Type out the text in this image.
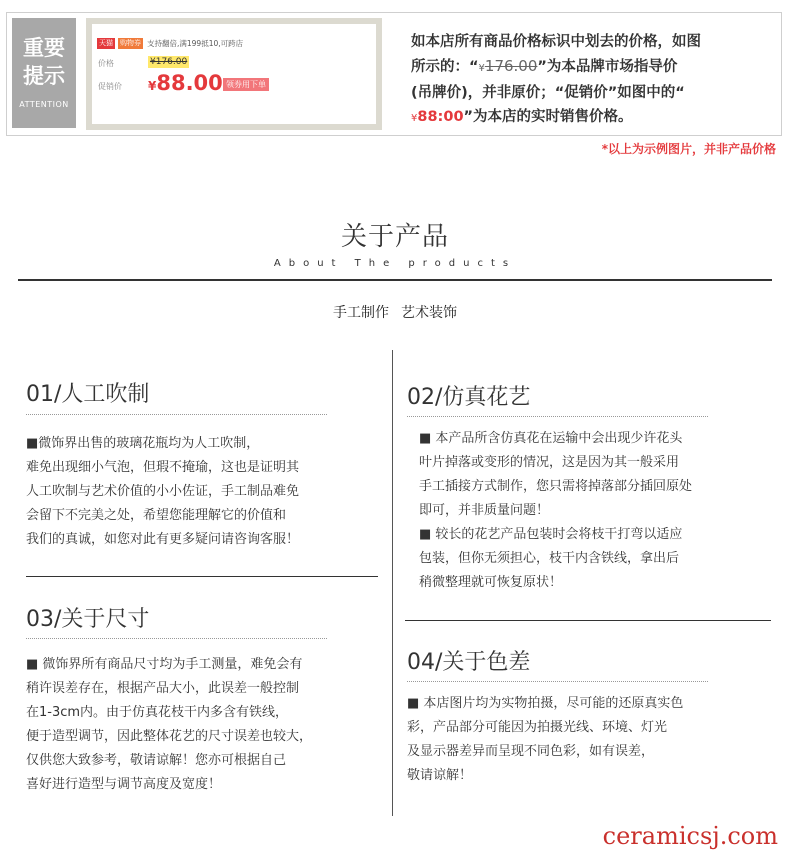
重要
提示
ATTENTION
天猫 购物券 支持翻倍,满199抵10,可跨店
价格	¥176.00
促销价 ¥88.00 领券用下单
如本店所有商品价格标识中划去的价格，如图
所示的：“¥176.00”为本品牌市场指导价
(吊牌价)，并非原价；“促销价”如图中的“
¥88:00”为本店的实时销售价格。
*以上为示例图片，并非产品价格
关于产品
About The products
手工制作 艺术装饰
01/人工吹制

■微饰界出售的玻璃花瓶均为人工吹制，

难免出现细小气泡，但瑕不掩瑜，这也是证明其

人工吹制与艺术价值的小小佐证，手工制品难免

会留下不完美之处，希望您能理解它的价值和

我们的真诚，如您对此有更多疑问请咨询客服！

02/仿真花艺

■ 本产品所含仿真花在运输中会出现少许花头

叶片掉落或变形的情况，这是因为其一般采用

手工插接方式制作，您只需将掉落部分插回原处

即可，并非质量问题！

■ 较长的花艺产品包装时会将枝干打弯以适应

包装，但你无须担心，枝干内含铁线，拿出后

稍微整理就可恢复原状！

03/关于尺寸

■ 微饰界所有商品尺寸均为手工测量，难免会有

稍许误差存在，根据产品大小，此误差一般控制

在1-3cm内。由于仿真花枝干内多含有铁线，

便于造型调节，因此整体花艺的尺寸误差也较大，

仅供您大致参考，敬请谅解！您亦可根据自己

喜好进行造型与调节高度及宽度！

04/关于色差

■ 本店图片均为实物拍摄，尽可能的还原真实色

彩，产品部分可能因为拍摄光线、环境、灯光

及显示器差异而呈现不同色彩，如有误差，

敬请谅解！

ceramicsj.com
